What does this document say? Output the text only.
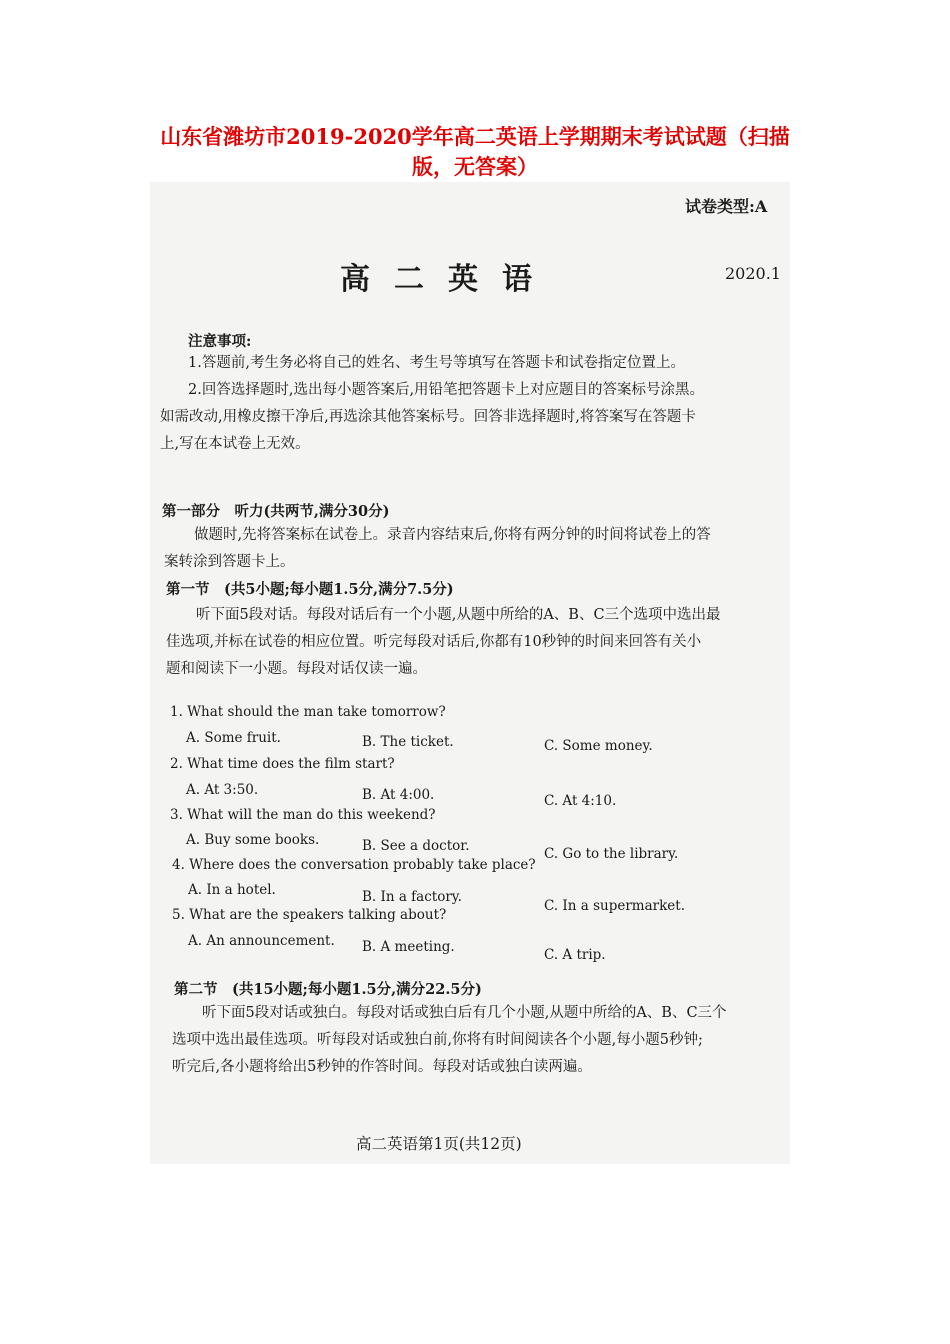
山东省潍坊市2019-2020学年高二英语上学期期末考试试题（扫描版，无答案）
试卷类型:A
高二英语	2020.1
注意事项:
1.答题前,考生务必将自己的姓名、考生号等填写在答题卡和试卷指定位置上。
2.回答选择题时,选出每小题答案后,用铅笔把答题卡上对应题目的答案标号涂黑。
如需改动,用橡皮擦干净后,再选涂其他答案标号。回答非选择题时,将答案写在答题卡
上,写在本试卷上无效。
第一部分　听力(共两节,满分30分)
做题时,先将答案标在试卷上。录音内容结束后,你将有两分钟的时间将试卷上的答
案转涂到答题卡上。
第一节　(共5小题;每小题1.5分,满分7.5分)
听下面5段对话。每段对话后有一个小题,从题中所给的A、B、C三个选项中选出最
佳选项,并标在试卷的相应位置。听完每段对话后,你都有10秒钟的时间来回答有关小
题和阅读下一小题。每段对话仅读一遍。
1. What should the man take tomorrow?
A. Some fruit.	B. The ticket.	C. Some money.
2. What time does the film start?
A. At 3:50.	B. At 4:00.	C. At 4:10.
3. What will the man do this weekend?
A. Buy some books.	B. See a doctor.	C. Go to the library.
4. Where does the conversation probably take place?
A. In a hotel.	B. In a factory.
C. In a supermarket.
5. What are the speakers talking about?
A. An announcement. B. A meeting.	C. A trip.
第二节　(共15小题;每小题1.5分,满分22.5分)
听下面5段对话或独白。每段对话或独白后有几个小题,从题中所给的A、B、C三个
选项中选出最佳选项。听每段对话或独白前,你将有时间阅读各个小题,每小题5秒钟;
听完后,各小题将给出5秒钟的作答时间。每段对话或独白读两遍。
高二英语第1页(共12页)
